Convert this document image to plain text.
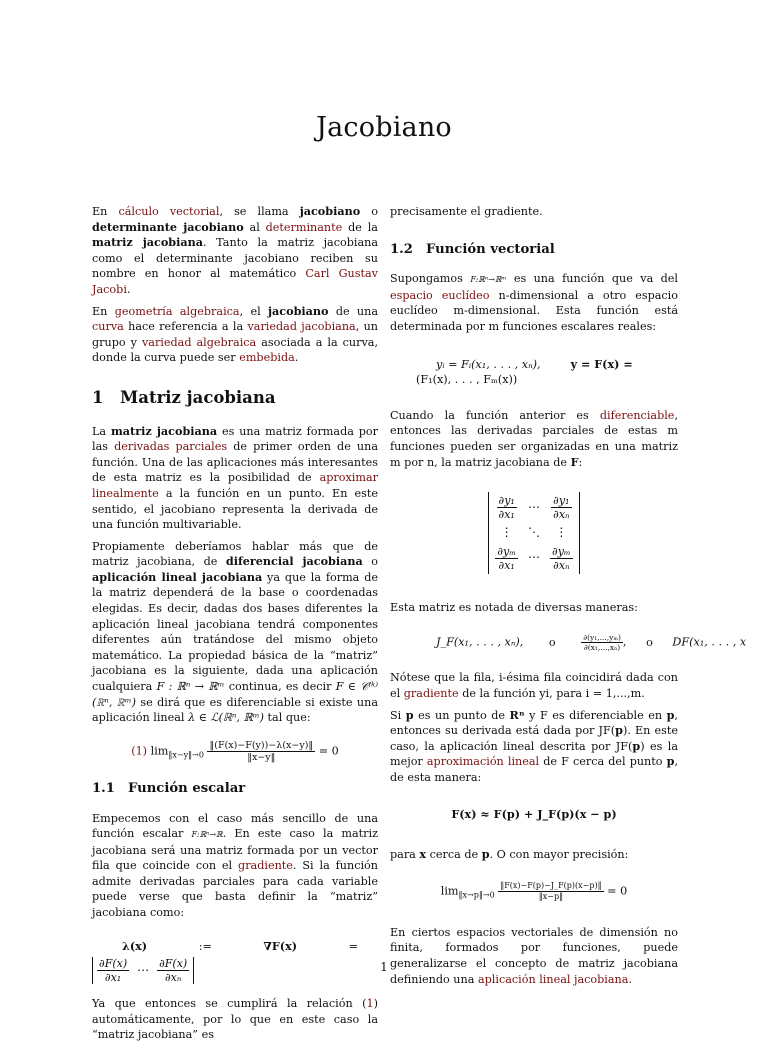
Jacobiano

En cálculo vectorial, se llama jacobiano o determinante jacobiano al determinante de la matriz jacobiana. Tanto la matriz jacobiana como el determinante jacobiano reciben su nombre en honor al matemático Carl Gustav Jacobi.

En geometría algebraica, el jacobiano de una curva hace referencia a la variedad jacobiana, un grupo y variedad algebraica asociada a la curva, donde la curva puede ser embebida.

1 Matriz jacobiana

La matriz jacobiana es una matriz formada por las derivadas parciales de primer orden de una función. Una de las aplicaciones más interesantes de esta matriz es la posibilidad de aproximar linealmente a la función en un punto. En este sentido, el jacobiano representa la derivada de una función multivariable.

Propiamente deberíamos hablar más que de matriz jacobiana, de diferencial jacobiana o aplicación lineal jacobiana ya que la forma de la matriz dependerá de la base o coordenadas elegidas. Es decir, dadas dos bases diferentes la aplicación lineal jacobiana tendrá componentes diferentes aún tratándose del mismo objeto matemático. La propiedad básica de la “matriz” jacobiana es la siguiente, dada una aplicación cualquiera F : ℝⁿ → ℝᵐ continua, es decir F ∈ 𝒞⁽ᵏ⁾(ℝⁿ, ℝᵐ) se dirá que es diferenciable si existe una aplicación lineal λ ∈ ℒ(ℝⁿ, ℝᵐ) tal que:

(1) $\lim_{‖x-y‖\to 0} \frac{‖(F(x)-F(y))-\lambda(x-y)‖}{‖x-y‖} = 0$
1.1 Función escalar

Empecemos con el caso más sencillo de una función escalar F:ℝⁿ→ℝ. En este caso la matriz jacobiana será una matriz formada por un vector fila que coincide con el gradiente. Si la función admite derivadas parciales para cada variable puede verse que basta definir la “matriz” jacobiana como:

λ(x)	:=	∇F(x)	=
$\frac{\partial F(x)}{\text{∂x₁}}$ ⋯ $\frac{\partial F(x)}{\text{∂xₙ}}$

Ya que entonces se cumplirá la relación (1) automáticamente, por lo que en este caso la “matriz jacobiana” es

precisamente el gradiente.

1.2 Función vectorial

Supongamos F:ℝⁿ→ℝᵐ es una función que va del espacio euclídeo n-dimensional a otro espacio euclídeo m-dimensional. Esta función está determinada por m funciones escalares reales:

yᵢ = Fᵢ(x₁, . . . , xₙ),	y = F(x) =
(F₁(x), . . . , Fₘ(x))

Cuando la función anterior es diferenciable, entonces las derivadas parciales de estas m funciones pueden ser organizadas en una matriz m por n, la matriz jacobiana de F:

$\frac{\text{∂y₁}}{\text{∂x₁}}$ ⋯ $\frac{\text{∂y₁}}{\text{∂xₙ}}$
⋮ ⋱ ⋮
$\frac{\text{∂yₘ}}{\text{∂x₁}}$ ⋯ $\frac{\text{∂yₘ}}{\text{∂xₙ}}$

Esta matriz es notada de diversas maneras:

J_F(x₁, . . . , xₙ), o	$\frac{\text{∂(y₁,...,yₘ)}}{\text{∂(x₁,...,xₙ)}}$ , o DF(x₁, . . . , x

Nótese que la fila, i-ésima fila coincidirá dada con el gradiente de la función yi, para i = 1,...,m.

Si p es un punto de Rⁿ y F es diferenciable en p, entonces su derivada está dada por JF(p). En este caso, la aplicación lineal descrita por JF(p) es la mejor aproximación lineal de F cerca del punto p, de esta manera:

F(x) ≈ F(p) + J_F(p)(x − p)

para x cerca de p. O con mayor precisión:

$\lim_{‖x\to p‖\to 0} \frac{‖F(x)-F(p)-J\_F(p)(x-p)‖}{‖x-p‖} = 0$

En ciertos espacios vectoriales de dimensión no finita, formados por funciones, puede generalizarse el concepto de matriz jacobiana definiendo una aplicación lineal jacobiana.

1
